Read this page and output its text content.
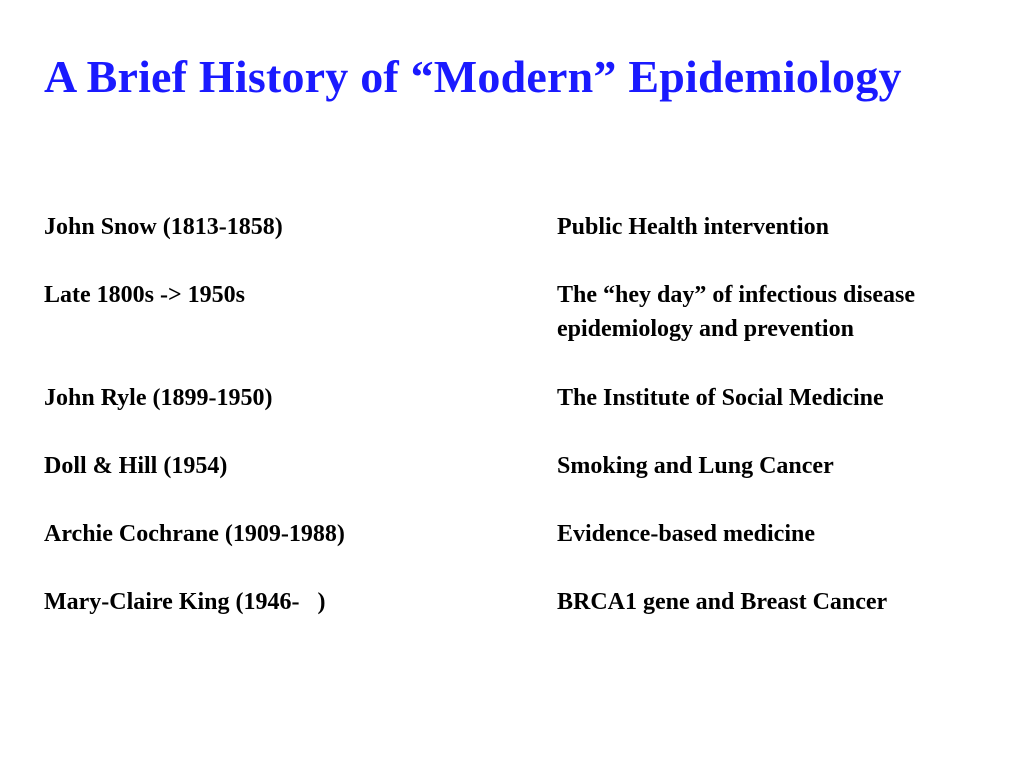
A Brief History of “Modern” Epidemiology
John Snow (1813-1858)	Public Health intervention
Late 1800s -> 1950s	The “hey day” of infectious disease
epidemiology and prevention
John Ryle (1899-1950)	The Institute of Social Medicine
Doll & Hill (1954)	Smoking and Lung Cancer
Archie Cochrane (1909-1988)	Evidence-based medicine
Mary-Claire King (1946-   )	BRCA1 gene and Breast Cancer
